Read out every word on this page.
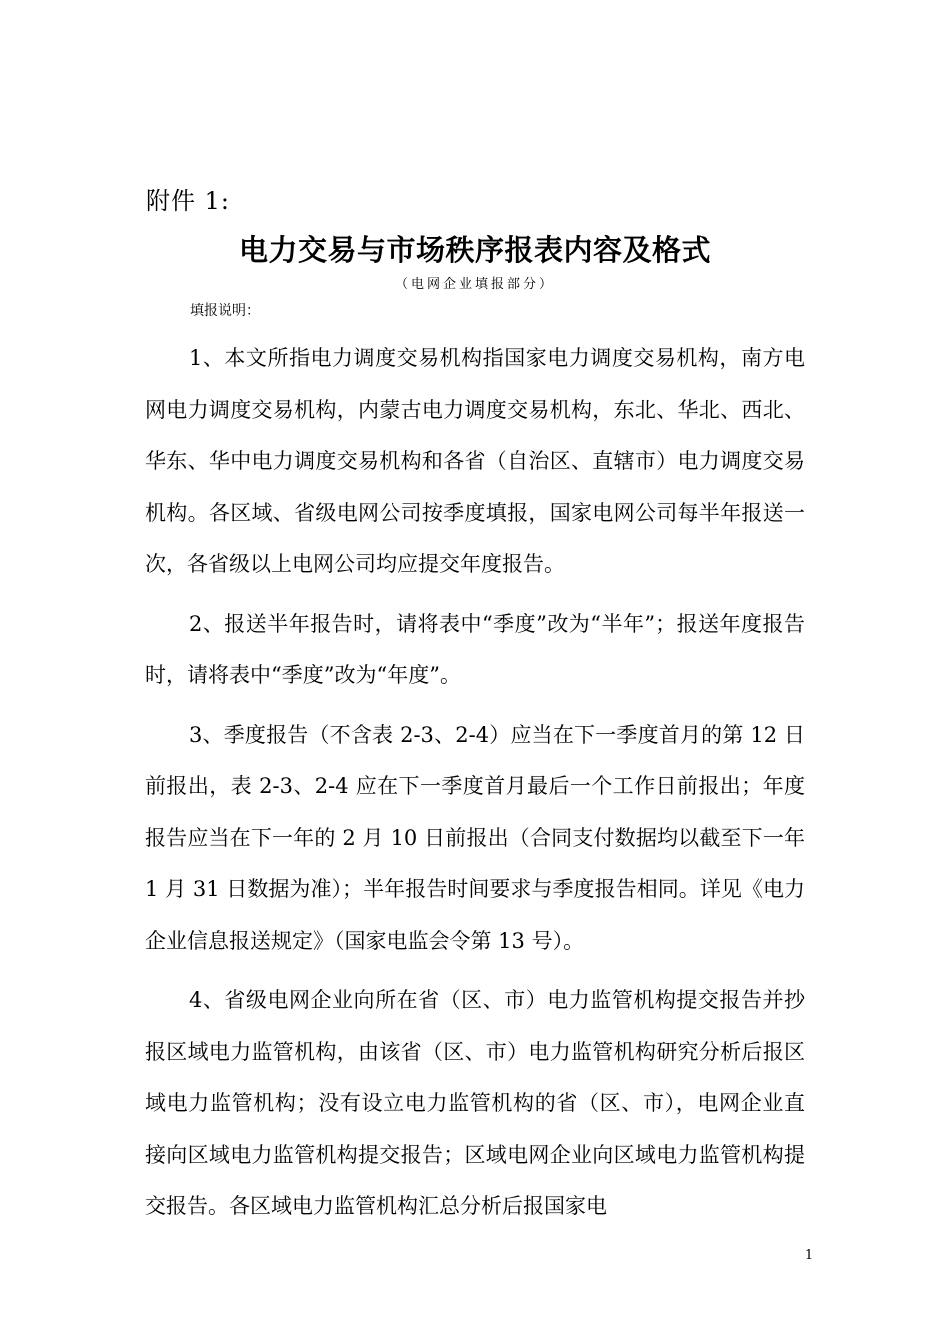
附件 1:
电力交易与市场秩序报表内容及格式
（电网企业填报部分）
填报说明：

1、本文所指电力调度交易机构指国家电力调度交易机构，南方电网电力调度交易机构，内蒙古电力调度交易机构，东北、华北、西北、华东、华中电力调度交易机构和各省（自治区、直辖市）电力调度交易机构。各区域、省级电网公司按季度填报，国家电网公司每半年报送一次，各省级以上电网公司均应提交年度报告。

2、报送半年报告时，请将表中“季度”改为“半年”；报送年度报告时，请将表中“季度”改为“年度”。

3、季度报告（不含表 2-3、2-4）应当在下一季度首月的第 12 日前报出，表 2-3、2-4 应在下一季度首月最后一个工作日前报出；年度报告应当在下一年的 2 月 10 日前报出（合同支付数据均以截至下一年 1 月 31 日数据为准）；半年报告时间要求与季度报告相同。详见《电力企业信息报送规定》（国家电监会令第 13 号）。

4、省级电网企业向所在省（区、市）电力监管机构提交报告并抄报区域电力监管机构，由该省（区、市）电力监管机构研究分析后报区域电力监管机构；没有设立电力监管机构的省（区、市），电网企业直接向区域电力监管机构提交报告；区域电网企业向区域电力监管机构提交报告。各区域电力监管机构汇总分析后报国家电

1
